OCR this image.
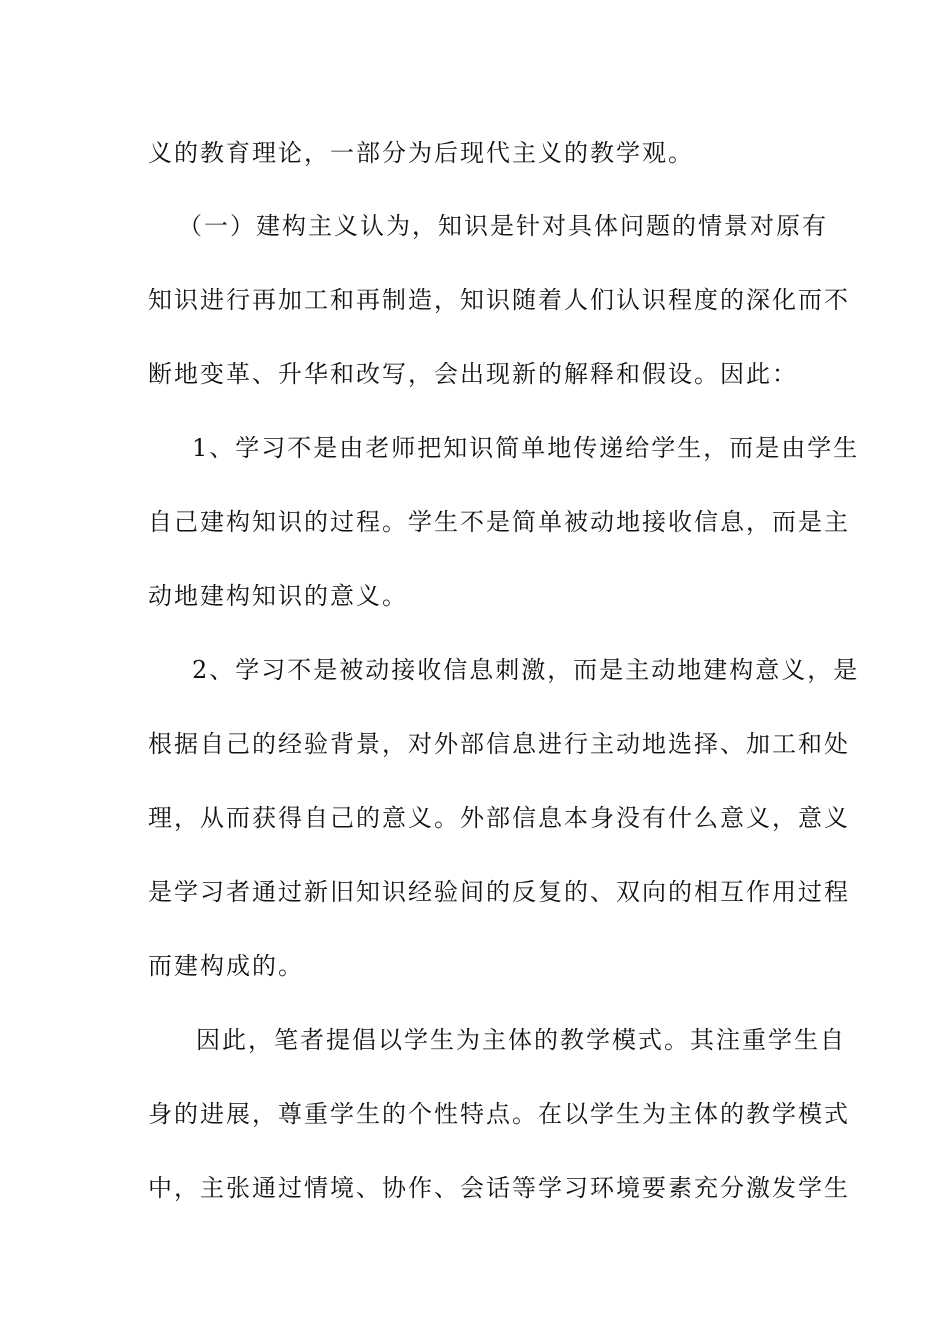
义的教育理论，一部分为后现代主义的教学观。
（一）建构主义认为，知识是针对具体问题的情景对原有
知识进行再加工和再制造，知识随着人们认识程度的深化而不
断地变革、升华和改写，会出现新的解释和假设。因此：
1、学习不是由老师把知识简单地传递给学生，而是由学生
自己建构知识的过程。学生不是简单被动地接收信息，而是主
动地建构知识的意义。
2、学习不是被动接收信息刺激，而是主动地建构意义，是
根据自己的经验背景，对外部信息进行主动地选择、加工和处
理，从而获得自己的意义。外部信息本身没有什么意义，意义
是学习者通过新旧知识经验间的反复的、双向的相互作用过程
而建构成的。
因此，笔者提倡以学生为主体的教学模式。其注重学生自
身的进展，尊重学生的个性特点。在以学生为主体的教学模式
中，主张通过情境、协作、会话等学习环境要素充分激发学生
